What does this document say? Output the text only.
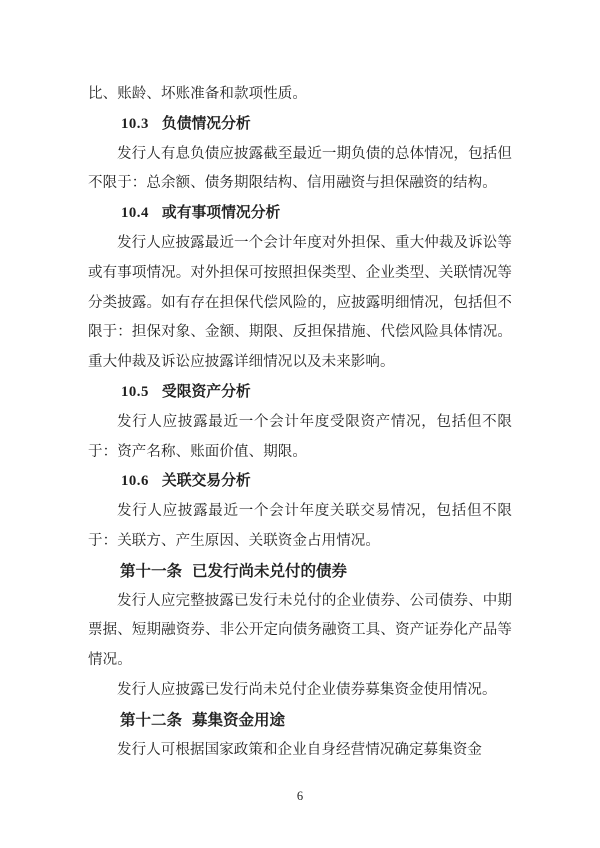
比、账龄、坏账准备和款项性质。

10.3 负债情况分析

发行人有息负债应披露截至最近一期负债的总体情况，包括但不限于：总余额、债务期限结构、信用融资与担保融资的结构。

10.4 或有事项情况分析

发行人应披露最近一个会计年度对外担保、重大仲裁及诉讼等或有事项情况。对外担保可按照担保类型、企业类型、关联情况等分类披露。如有存在担保代偿风险的，应披露明细情况，包括但不限于：担保对象、金额、期限、反担保措施、代偿风险具体情况。重大仲裁及诉讼应披露详细情况以及未来影响。

10.5 受限资产分析

发行人应披露最近一个会计年度受限资产情况，包括但不限于：资产名称、账面价值、期限。

10.6 关联交易分析

发行人应披露最近一个会计年度关联交易情况，包括但不限于：关联方、产生原因、关联资金占用情况。

第十一条 已发行尚未兑付的债券

发行人应完整披露已发行未兑付的企业债券、公司债券、中期票据、短期融资券、非公开定向债务融资工具、资产证券化产品等情况。

发行人应披露已发行尚未兑付企业债券募集资金使用情况。

第十二条 募集资金用途

发行人可根据国家政策和企业自身经营情况确定募集资金

6
